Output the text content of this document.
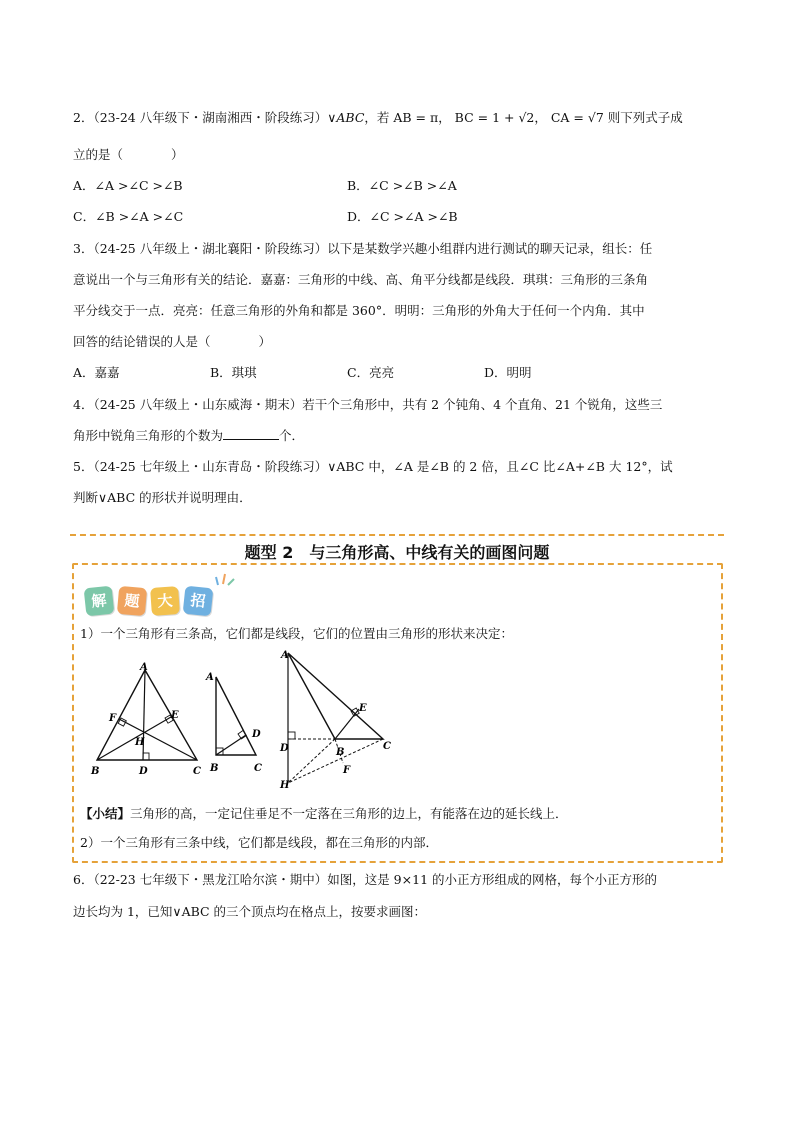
2．（23-24 八年级下・湖南湘西・阶段练习）∨ABC，若 AB = π， BC = 1 + √2， CA = √7 则下列式子成
立的是（	）
A．∠A >∠C >∠B	B．∠C >∠B >∠A
C．∠B >∠A >∠C	D．∠C >∠A >∠B
3．（24-25 八年级上・湖北襄阳・阶段练习）以下是某数学兴趣小组群内进行测试的聊天记录，组长：任
意说出一个与三角形有关的结论．嘉嘉：三角形的中线、高、角平分线都是线段．琪琪：三角形的三条角
平分线交于一点．亮亮：任意三角形的外角和都是 360°．明明：三角形的外角大于任何一个内角．其中
回答的结论错误的人是（	）
A．嘉嘉	B．琪琪	C．亮亮	D．明明
4．（24-25 八年级上・山东威海・期末）若干个三角形中，共有 2 个钝角、4 个直角、21 个锐角，这些三
角形中锐角三角形的个数为	个．
5．（24-25 七年级上・山东青岛・阶段练习）∨ABC 中，∠A 是∠B 的 2 倍，且∠C 比∠A+∠B 大 12°，试
判断∨ABC 的形状并说明理由．
题型 2　与三角形高、中线有关的画图问题
解	题	大	招
1）一个三角形有三条高，它们都是线段，它们的位置由三角形的形状来决定：
A
B	C
D
E
F
H
A
B	C
D
A
B
C
D
E
F
H
【小结】三角形的高，一定记住垂足不一定落在三角形的边上，有能落在边的延长线上．
2）一个三角形有三条中线，它们都是线段，都在三角形的内部．
6．（22-23 七年级下・黑龙江哈尔滨・期中）如图，这是 9×11 的小正方形组成的网格，每个小正方形的
边长均为 1，已知∨ABC 的三个顶点均在格点上，按要求画图：
